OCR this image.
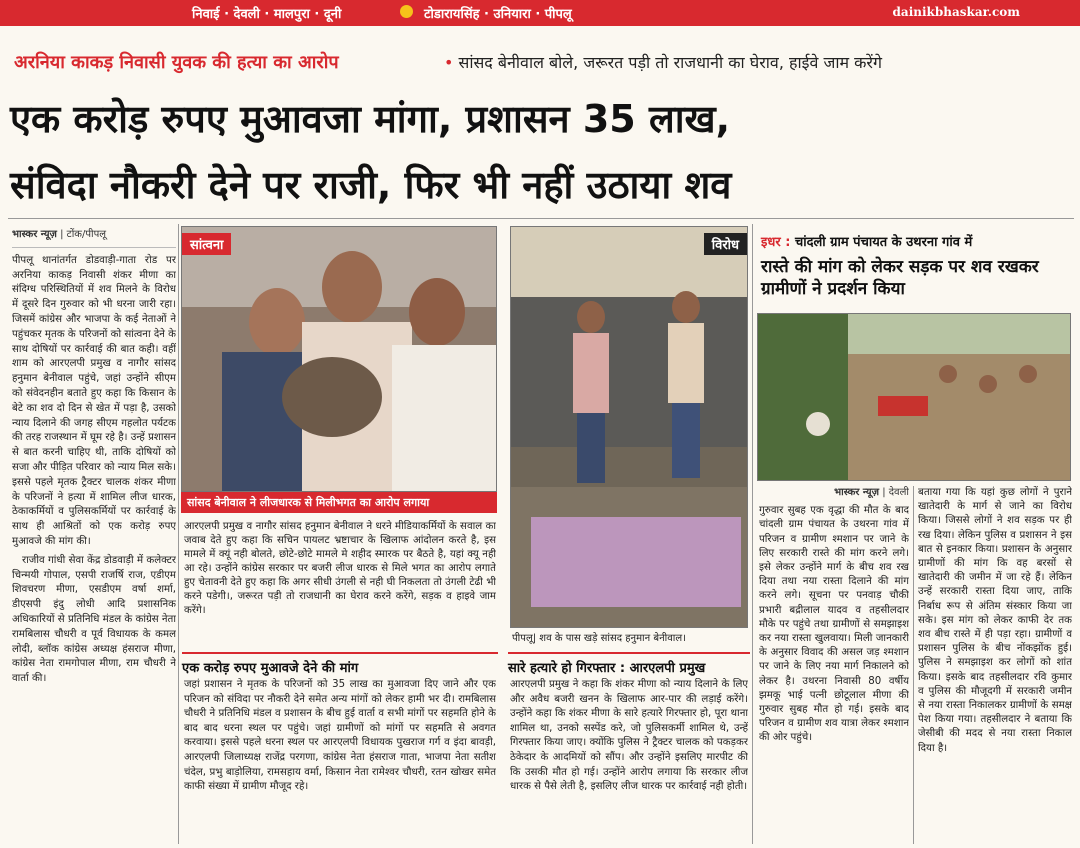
निवाई · देवली · मालपुरा · दूनी	टोडारायसिंह · उनियारा · पीपलू	dainikbhaskar.com
अरनिया काकड़ निवासी युवक की हत्या का आरोप	• सांसद बेनीवाल बोले, जरूरत पड़ी तो राजधानी का घेराव, हाईवे जाम करेंगे
एक करोड़ रुपए मुआवजा मांगा, प्रशासन 35 लाख,
संविदा नौकरी देने पर राजी, फिर भी नहीं उठाया शव
भास्कर न्यूज़ | टोंक/पीपलू

पीपलू थानांतर्गत डोडवाड़ी-गाता रोड पर अरनिया काकड़ निवासी शंकर मीणा का संदिग्ध परिस्थितियों में शव मिलने के विरोध में दूसरे दिन गुरुवार को भी धरना जारी रहा। जिसमें कांग्रेस और भाजपा के कई नेताओं ने पहुंचकर मृतक के परिजनों को सांत्वना देने के साथ दोषियों पर कार्रवाई की बात कही। वहीं शाम को आरएलपी प्रमुख व नागौर सांसद हनुमान बेनीवाल पहुंचे, जहां उन्होंने सीएम को संवेदनहीन बताते हुए कहा कि किसान के बेटे का शव दो दिन से खेत में पड़ा है, उसको न्याय दिलाने की जगह सीएम गहलोत पर्यटक की तरह राजस्थान में घूम रहे है। उन्हें प्रशासन से बात करनी चाहिए थी, ताकि दोषियों को सजा और पीड़ित परिवार को न्याय मिल सके। इससे पहले मृतक ट्रैक्टर चालक शंकर मीणा के परिजनों ने हत्या में शामिल लीज धारक, ठेकाकर्मियों व पुलिसकर्मियों पर कार्रवाई के साथ ही आश्रितों को एक करोड़ रुपए मुआवजे की मांग की।

राजीव गांधी सेवा केंद्र डोडवाड़ी में कलेक्टर चिन्मयी गोपाल, एसपी राजर्षि राज, एडीएम शिवचरण मीणा, एसडीएम वर्षा शर्मा, डीएसपी इंदु लोधी आदि प्रशासनिक अधिकारियों से प्रतिनिधि मंडल के कांग्रेस नेता रामबिलास चौधरी व पूर्व विधायक के कमल लोदी, ब्लॉक कांग्रेस अध्यक्ष हंसराज मीणा, कांग्रेस नेता रामगोपाल मीणा, राम चौधरी ने वार्ता की।

सांत्वना
सांसद बेनीवाल ने लीजधारक से मिलीभगत का आरोप लगाया
आरएलपी प्रमुख व नागौर सांसद हनुमान बेनीवाल ने धरने मीडियाकर्मियों के सवाल का जवाब देते हुए कहा कि सचिन पायलट भ्रष्टाचार के खिलाफ आंदोलन करते है, इस मामले में क्यूं नही बोलते, छोटे-छोटे मामले मे शहीद स्मारक पर बैठते है, यहां क्यू नही आ रहे। उन्होंने कांग्रेस सरकार पर बजरी लीज धारक से मिले भगत का आरोप लगाते हुए चेतावनी देते हुए कहा कि अगर सीधी उंगली से नही घी निकलता तो उंगली टेढी भी करने पडेगी।, जरूरत पड़ी तो राजधानी का घेराव करने करेंगे, सड़क व हाइवे जाम करेंगे।
विरोध
पीपलू| शव के पास खड़े सांसद हनुमान बेनीवाल।
एक करोड़ रुपए मुआवजे देने की मांग
जहां प्रशासन ने मृतक के परिजनों को 35 लाख का मुआवजा दिए जाने और एक परिजन को संविदा पर नौकरी देने समेत अन्य मांगों को लेकर हामी भर दी। रामबिलास चौधरी ने प्रतिनिधि मंडल व प्रशासन के बीच हुई वार्ता व सभी मांगों पर सहमति होने के बाद बाद धरना स्थल पर पहुंचे। जहां ग्रामीणों को मांगों पर सहमति से अवगत करवाया। इससे पहले धरना स्थल पर आरएलपी विधायक पुखराज गर्ग व इंदा बावड़ी, आरएलपी जिलाध्यक्ष राजेंद्र परगणा, कांग्रेस नेता हंसराज गाता, भाजपा नेता सतीश चंदेल, प्रभु बाड़ोलिया, रामसहाय वर्मा, किसान नेता रामेश्वर चौधरी, रतन खोखर समेत काफी संख्या में ग्रामीण मौजूद रहे।
सारे हत्यारे हो गिरफ्तार : आरएलपी प्रमुख
आरएलपी प्रमुख ने कहा कि शंकर मीणा को न्याय दिलाने के लिए और अवैध बजरी खनन के खिलाफ आर-पार की लड़ाई करेंगे। उन्होंने कहा कि शंकर मीणा के सारे हत्यारे गिरफ्तार हो, पूरा थाना शामिल था, उनको सस्पेंड करे, जो पुलिसकर्मी शामिल थे, उन्हें गिरफ्तार किया जाए। क्योंकि पुलिस ने ट्रैक्टर चालक को पकड़कर ठेकेदार के आदमियों को सौंप। और उन्होंने इसलिए मारपीट की कि उसकी मौत हो गई। उन्होंने आरोप लगाया कि सरकार लीज धारक से पैसे लेती है, इसलिए लीज धारक पर कार्रवाई नही होती।
इधर : चांदली ग्राम पंचायत के उथरना गांव में
रास्ते की मांग को लेकर सड़क पर शव रखकर ग्रामीणों ने प्रदर्शन किया
भास्कर न्यूज़ | देवली

गुरुवार सुबह एक वृद्धा की मौत के बाद चांदली ग्राम पंचायत के उथरना गांव में परिजन व ग्रामीण श्मशान पर जाने के लिए सरकारी रास्ते की मांग करने लगे। इसे लेकर उन्होंने मार्ग के बीच शव रख दिया तथा नया रास्ता दिलाने की मांग करने लगे। सूचना पर पनवाड़ चौकी प्रभारी बद्रीलाल यादव व तहसीलदार मौके पर पहुंचे तथा ग्रामीणों से समझाइश कर नया रास्ता खुलवाया। मिली जानकारी के अनुसार विवाद की असल जड़ श्मशान पर जाने के लिए नया मार्ग निकालने को लेकर है। उथरना निवासी 80 वर्षीय झमकू भाई पत्नी छोटूलाल मीणा की गुरुवार सुबह मौत हो गई। इसके बाद परिजन व ग्रामीण शव यात्रा लेकर श्मशान की ओर पहुंचे।

बताया गया कि यहां कुछ लोगों ने पुराने खातेदारी के मार्ग से जाने का विरोध किया। जिससे लोगों ने शव सड़क पर ही रख दिया। लेकिन पुलिस व प्रशासन ने इस बात से इनकार किया। प्रशासन के अनुसार ग्रामीणों की मांग कि वह बरसों से खातेदारी की जमीन में जा रहे हैं। लेकिन उन्हें सरकारी रास्ता दिया जाए, ताकि निर्बाध रूप से अंतिम संस्कार किया जा सके। इस मांग को लेकर काफी देर तक शव बीच रास्ते में ही पड़ा रहा। ग्रामीणों व प्रशासन पुलिस के बीच नोंकझोंक हुई। पुलिस ने समझाइश कर लोगों को शांत किया। इसके बाद तहसीलदार रवि कुमार व पुलिस की मौजूदगी में सरकारी जमीन से नया रास्ता निकालकर ग्रामीणों के समक्ष पेश किया गया। तहसीलदार ने बताया कि जेसीबी की मदद से नया रास्ता निकाल दिया है।
